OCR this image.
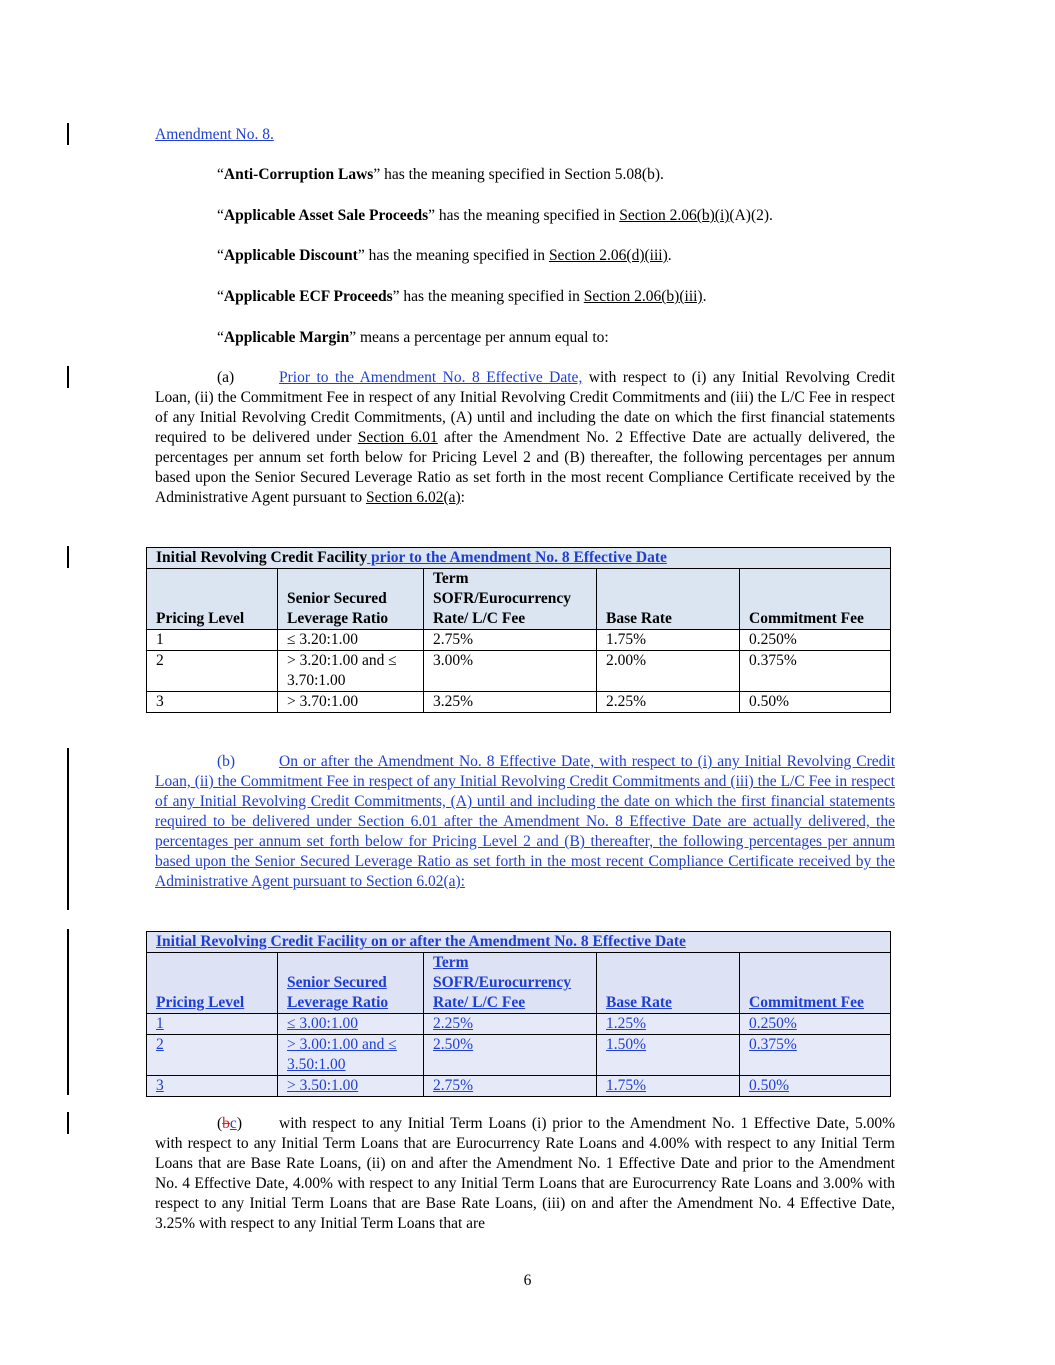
Amendment No. 8.
“Anti-Corruption Laws” has the meaning specified in Section 5.08(b).
“Applicable Asset Sale Proceeds” has the meaning specified in Section 2.06(b)(i)(A)(2).
“Applicable Discount” has the meaning specified in Section 2.06(d)(iii).
“Applicable ECF Proceeds” has the meaning specified in Section 2.06(b)(iii).
“Applicable Margin” means a percentage per annum equal to:
(a)	Prior to the Amendment No. 8 Effective Date, with respect to (i) any Initial Revolving Credit Loan, (ii) the Commitment Fee in respect of any Initial Revolving Credit Commitments and (iii) the L/C Fee in respect of any Initial Revolving Credit Commitments, (A) until and including the date on which the first financial statements required to be delivered under Section 6.01 after the Amendment No. 2 Effective Date are actually delivered, the percentages per annum set forth below for Pricing Level 2 and (B) thereafter, the following percentages per annum based upon the Senior Secured Leverage Ratio as set forth in the most recent Compliance Certificate received by the Administrative Agent pursuant to Section 6.02(a):
Initial Revolving Credit Facility prior to the Amendment No. 8 Effective Date				
Pricing Level	Senior Secured Leverage Ratio	Term SOFR/Eurocurrency Rate/ L/C Fee	Base Rate	Commitment Fee
1	≤ 3.20:1.00	2.75%	1.75%	0.250%
2	> 3.20:1.00 and ≤ 3.70:1.00	3.00%	2.00%	0.375%
3	> 3.70:1.00	3.25%	2.25%	0.50%
(b)	On or after the Amendment No. 8 Effective Date, with respect to (i) any Initial Revolving Credit Loan, (ii) the Commitment Fee in respect of any Initial Revolving Credit Commitments and (iii) the L/C Fee in respect of any Initial Revolving Credit Commitments, (A) until and including the date on which the first financial statements required to be delivered under Section 6.01 after the Amendment No. 8 Effective Date are actually delivered, the percentages per annum set forth below for Pricing Level 2 and (B) thereafter, the following percentages per annum based upon the Senior Secured Leverage Ratio as set forth in the most recent Compliance Certificate received by the Administrative Agent pursuant to Section 6.02(a):
Initial Revolving Credit Facility on or after the Amendment No. 8 Effective Date				
Pricing Level	Senior Secured Leverage Ratio	Term SOFR/Eurocurrency Rate/ L/C Fee	Base Rate	Commitment Fee
1	≤ 3.00:1.00	2.25%	1.25%	0.250%
2	> 3.00:1.00 and ≤ 3.50:1.00	2.50%	1.50%	0.375%
3	> 3.50:1.00	2.75%	1.75%	0.50%
(bc) with respect to any Initial Term Loans (i) prior to the Amendment No. 1 Effective Date, 5.00% with respect to any Initial Term Loans that are Eurocurrency Rate Loans and 4.00% with respect to any Initial Term Loans that are Base Rate Loans, (ii) on and after the Amendment No. 1 Effective Date and prior to the Amendment No. 4 Effective Date, 4.00% with respect to any Initial Term Loans that are Eurocurrency Rate Loans and 3.00% with respect to any Initial Term Loans that are Base Rate Loans, (iii) on and after the Amendment No. 4 Effective Date, 3.25% with respect to any Initial Term Loans that are
6
